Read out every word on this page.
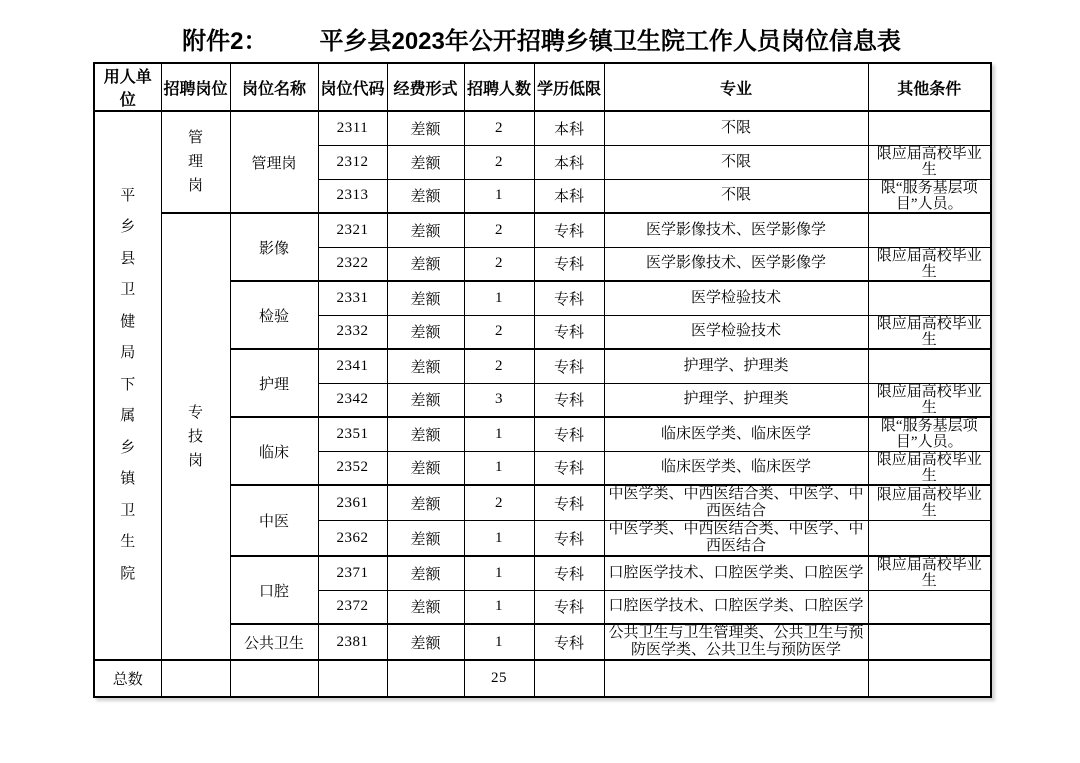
附件2： 平乡县2023年公开招聘乡镇卫生院工作人员岗位信息表
用人单位	招聘岗位	岗位名称	岗位代码	经费形式	招聘人数	学历低限	专业	其他条件
平乡县卫健局下属乡镇卫生院	管理岗	管理岗	2311	差额	2	本科	不限	
			2312	差额	2	本科	不限	限应届高校毕业生
			2313	差额	1	本科	不限	限“服务基层项目”人员。
	专技岗	影像	2321	差额	2	专科	医学影像技术、医学影像学	
			2322	差额	2	专科	医学影像技术、医学影像学	限应届高校毕业生
		检验	2331	差额	1	专科	医学检验技术	
			2332	差额	2	专科	医学检验技术	限应届高校毕业生
		护理	2341	差额	2	专科	护理学、护理类	
			2342	差额	3	专科	护理学、护理类	限应届高校毕业生
		临床	2351	差额	1	专科	临床医学类、临床医学	限“服务基层项目”人员。
			2352	差额	1	专科	临床医学类、临床医学	限应届高校毕业生
		中医	2361	差额	2	专科	中医学类、中西医结合类、中医学、中西医结合	限应届高校毕业生
			2362	差额	1	专科	中医学类、中西医结合类、中医学、中西医结合	
		口腔	2371	差额	1	专科	口腔医学技术、口腔医学类、口腔医学	限应届高校毕业生
			2372	差额	1	专科	口腔医学技术、口腔医学类、口腔医学	
		公共卫生	2381	差额	1	专科	公共卫生与卫生管理类、公共卫生与预防医学类、公共卫生与预防医学	
总数					25			
